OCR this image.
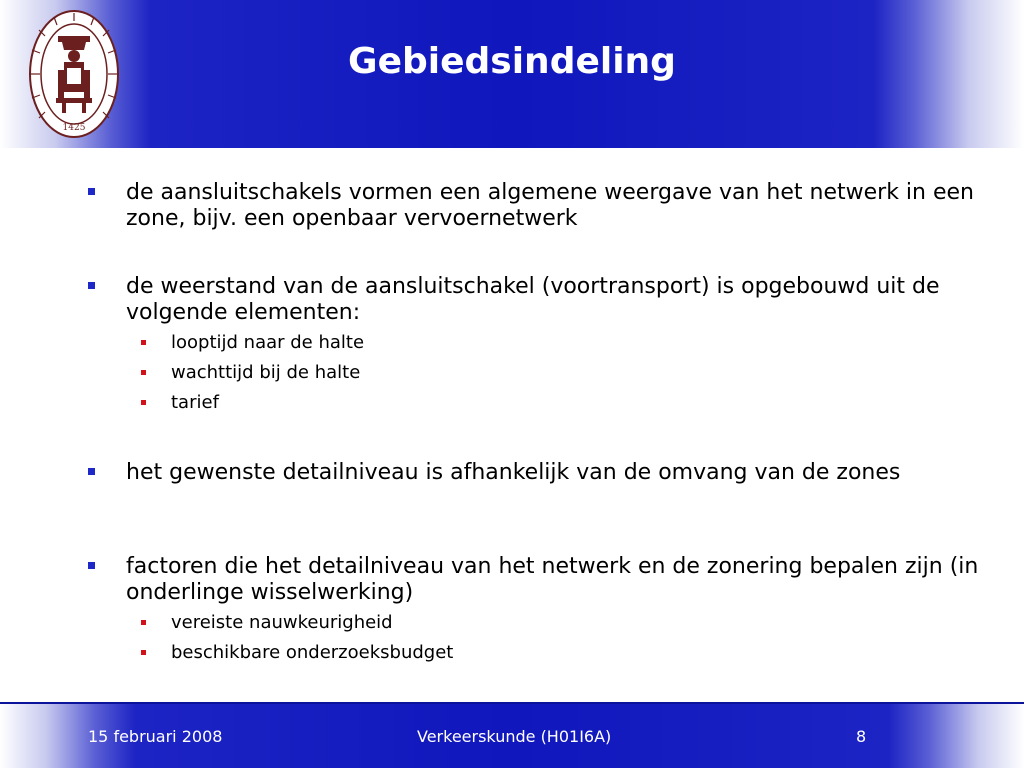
1425
Gebiedsindeling
de aansluitschakels vormen een algemene weergave van het netwerk in een zone, bijv. een openbaar vervoernetwerk
de weerstand van de aansluitschakel (voortransport) is opgebouwd uit de volgende elementen:
looptijd naar de halte
wachttijd bij de halte
tarief
het gewenste detailniveau is afhankelijk van de omvang van de zones
factoren die het detailniveau van het netwerk en de zonering bepalen zijn (in onderlinge wisselwerking)
vereiste nauwkeurigheid
beschikbare onderzoeksbudget
15 februari 2008	Verkeerskunde (H01I6A)	8
